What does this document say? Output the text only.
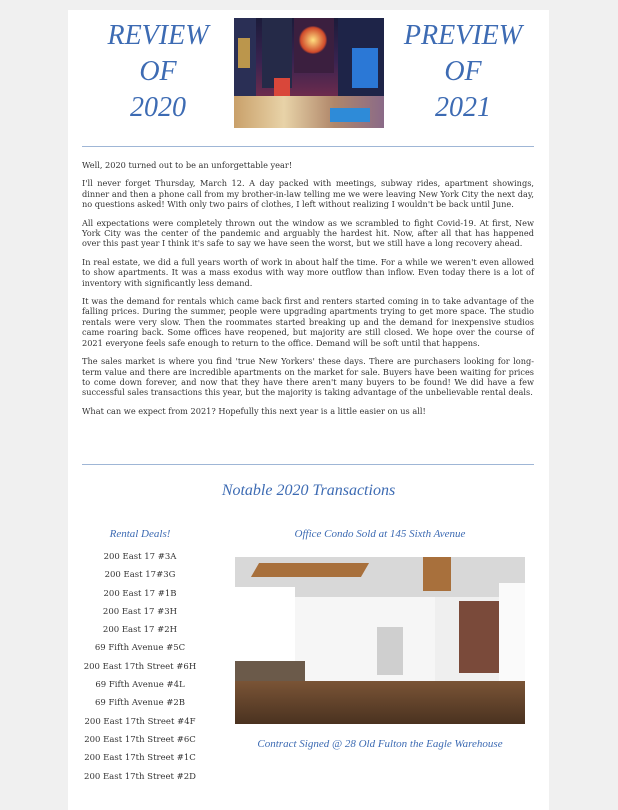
REVIEW
OF
2020
PREVIEW
OF
2021

Well, 2020 turned out to be an unforgettable year!

I'll never forget Thursday, March 12. A day packed with meetings, subway rides, apartment showings, dinner and then a phone call from my brother-in-law telling me we were leaving New York City the next day, no questions asked! With only two pairs of clothes, I left without realizing I wouldn't be back until June.

All expectations were completely thrown out the window as we scrambled to fight Covid-19. At first, New York City was the center of the pandemic and arguably the hardest hit. Now, after all that has happened over this past year I think it's safe to say we have seen the worst, but we still have a long recovery ahead.

In real estate, we did a full years worth of work in about half the time. For a while we weren't even allowed to show apartments. It was a mass exodus with way more outflow than inflow. Even today there is a lot of inventory with significantly less demand.

It was the demand for rentals which came back first and renters started coming in to take advantage of the falling prices. During the summer, people were upgrading apartments trying to get more space. The studio rentals were very slow. Then the roommates started breaking up and the demand for inexpensive studios came roaring back. Some offices have reopened, but majority are still closed. We hope over the course of 2021 everyone feels safe enough to return to the office. Demand will be soft until that happens.

The sales market is where you find 'true New Yorkers' these days. There are purchasers looking for long-term value and there are incredible apartments on the market for sale. Buyers have been waiting for prices to come down forever, and now that they have there aren't many buyers to be found! We did have a few successful sales transactions this year, but the majority is taking advantage of the unbelievable rental deals.

What can we expect from 2021? Hopefully this next year is a little easier on us all!

Notable 2020 Transactions
Rental Deals!
200 East 17 #3A
200 East 17#3G
200 East 17 #1B
200 East 17 #3H
200 East 17 #2H
69 Fifth Avenue #5C
200 East 17th Street #6H
69 Fifth Avenue #4L
69 Fifth Avenue #2B
200 East 17th Street #4F
200 East 17th Street #6C
200 East 17th Street #1C
200 East 17th Street #2D
Office Condo Sold at 145 Sixth Avenue
Contract Signed @ 28 Old Fulton the Eagle Warehouse
